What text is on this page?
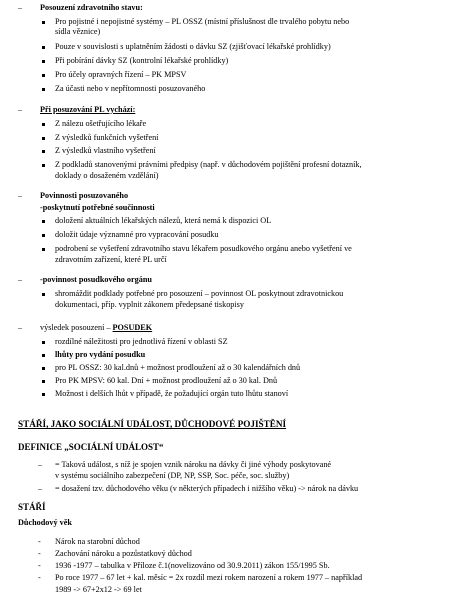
– Posouzení zdravotního stavu:
Pro pojistné i nepojistné systémy – PL OSSZ (místní příslušnost dle trvalého pobytu nebo
sídla věznice)
Pouze v souvislosti s uplatněním žádosti o dávku SZ (zjišťovací lékařské prohlídky)
Při pobírání dávky SZ (kontrolní lékařské prohlídky)
Pro účely opravných řízení – PK MPSV
Za účasti nebo v nepřítomnosti posuzovaného
– Při posuzování PL vychází:
Z nálezu ošetřujícího lékaře
Z výsledků funkčních vyšetření
Z výsledků vlastního vyšetření
Z podkladů stanovenými právními předpisy (např. v důchodovém pojištění profesní dotazník,
doklady o dosaženém vzdělání)
– Povinnosti posuzovaného
-poskytnutí potřebné součinnosti
doložení aktuálních lékařských nálezů, která nemá k dispozici OL
doložit údaje významné pro vypracování posudku
podrobení se vyšetření zdravotního stavu lékařem posudkového orgánu anebo vyšetření ve
zdravotním zařízení, které PL určí
– -povinnost posudkového orgánu
shromáždit podklady potřebné pro posouzení – povinnost OL poskytnout zdravotnickou
dokumentaci, příp. vyplnit zákonem předepsané tiskopisy
– výsledek posouzení – POSUDEK
rozdílné náležitosti pro jednotlivá řízení v oblasti SZ
lhůty pro vydání posudku
pro PL OSSZ: 30 kal.dnů + možnost prodloužení až o 30 kalendářních dnů
Pro PK MPSV: 60 kal. Dní + možnost prodloužení až o 30 kal. Dnů
Možnost i delších lhůt v případě, že požadující orgán tuto lhůtu stanoví
STÁŘÍ, JAKO SOCIÁLNÍ UDÁLOST, DŮCHODOVÉ POJIŠTĚNÍ
DEFINICE „SOCIÁLNÍ UDÁLOST“
– = Taková událost, s níž je spojen vznik nároku na dávky či jiné výhody poskytované
v systému sociálního zabezpečení (DP, NP, SSP, Soc. péče, soc. služby)
– = dosažení tzv. důchodového věku (v některých případech i nižšího věku) -> nárok na dávku
STÁŘÍ
Důchodový věk
- Nárok na starobní důchod
- Zachování nároku a pozůstatkový důchod
- 1936 -1977 – tabulka v Příloze č.1(novelizováno od 30.9.2011) zákon 155/1995 Sb.
- Po roce 1977 – 67 let + kal. měsíc = 2x rozdíl mezi rokem narození a rokem 1977 – například
1989 -> 67+2x12 -> 69 let
